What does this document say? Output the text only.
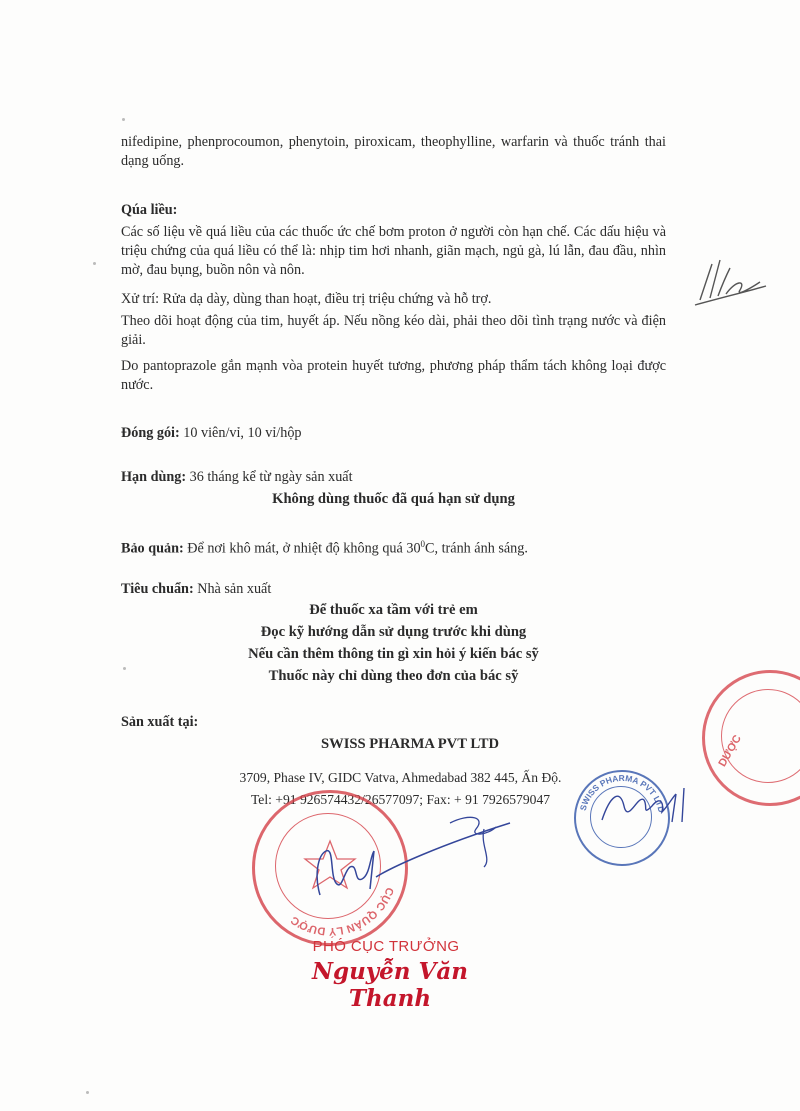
nifedipine, phenprocoumon, phenytoin, piroxicam, theophylline, warfarin và thuốc tránh thai dạng uống.
Qúa liều:
Các số liệu về quá liều của các thuốc ức chế bơm proton ở người còn hạn chế. Các dấu hiệu và triệu chứng của quá liều có thể là: nhịp tim hơi nhanh, giãn mạch, ngủ gà, lú lẫn, đau đầu, nhìn mờ, đau bụng, buồn nôn và nôn.
Xử trí: Rửa dạ dày, dùng than hoạt, điều trị triệu chứng và hỗ trợ.
Theo dõi hoạt động của tim, huyết áp. Nếu nồng kéo dài, phải theo dõi tình trạng nước và điện giải.
Do pantoprazole gắn mạnh vòa protein huyết tương, phương pháp thẩm tách không loại được nước.
Đóng gói: 10 viên/vỉ, 10 vỉ/hộp
Hạn dùng: 36 tháng kể từ ngày sản xuất
Không dùng thuốc đã quá hạn sử dụng
Bảo quản: Để nơi khô mát, ở nhiệt độ không quá $30^0C$, tránh ánh sáng.
Tiêu chuẩn: Nhà sản xuất
Để thuốc xa tầm với trẻ em
Đọc kỹ hướng dẫn sử dụng trước khi dùng
Nếu cần thêm thông tin gì xin hỏi ý kiến bác sỹ
Thuốc này chỉ dùng theo đơn của bác sỹ
Sản xuất tại:
SWISS PHARMA PVT LTD
3709, Phase IV, GIDC Vatva, Ahmedabad 382 445, Ấn Độ.
Tel: +91 926574432/26577097; Fax: + 91 7926579047
DƯỢC
SWISS PHARMA PVT LTD
CỤC QUẢN LÝ DƯỢC
PHÓ CỤC TRƯỞNG
Nguyễn Văn Thanh
